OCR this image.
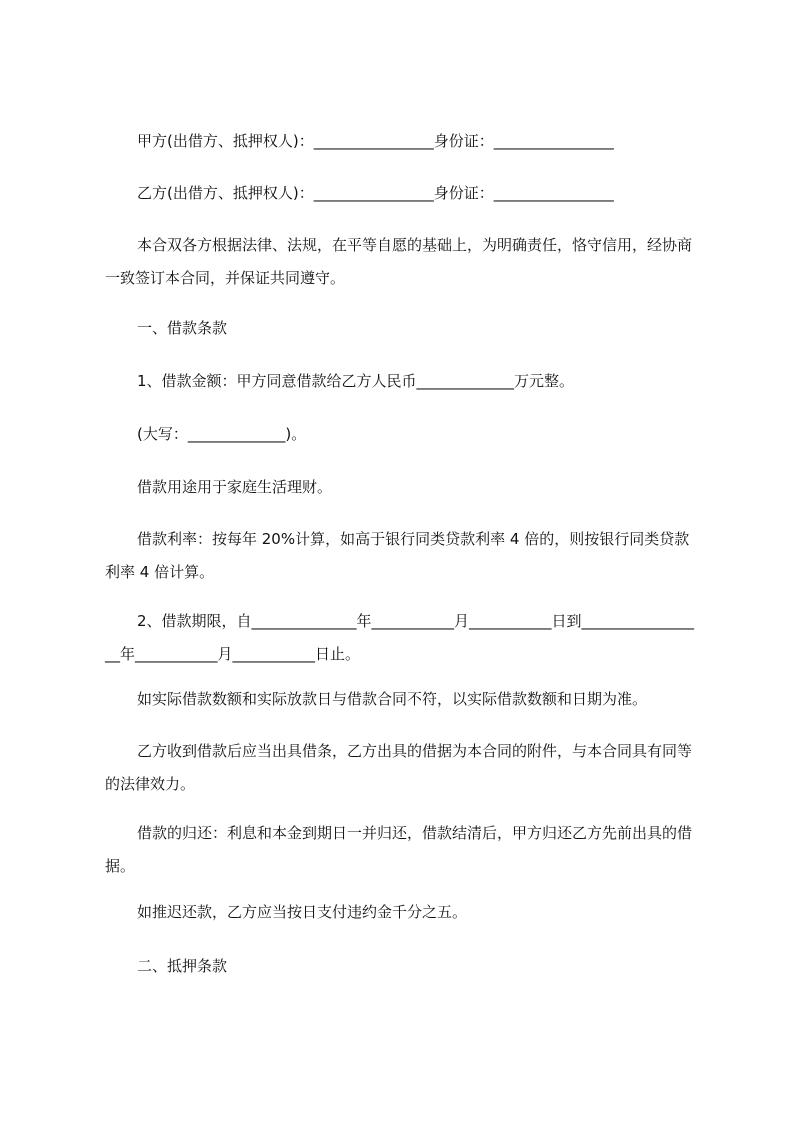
甲方(出借方、抵押权人)：________________身份证：________________

乙方(出借方、抵押权人)：________________身份证：________________

本合双各方根据法律、法规，在平等自愿的基础上，为明确责任，恪守信用，经协商一致签订本合同，并保证共同遵守。

一、借款条款

1、借款金额：甲方同意借款给乙方人民币_____________万元整。

(大写：_____________)。

借款用途用于家庭生活理财。

借款利率：按每年 20%计算，如高于银行同类贷款利率 4 倍的，则按银行同类贷款利率 4 倍计算。

2、借款期限，自______________年___________月___________日到_________________年___________月___________日止。

如实际借款数额和实际放款日与借款合同不符，以实际借款数额和日期为准。

乙方收到借款后应当出具借条，乙方出具的借据为本合同的附件，与本合同具有同等的法律效力。

借款的归还：利息和本金到期日一并归还，借款结清后，甲方归还乙方先前出具的借据。

如推迟还款，乙方应当按日支付违约金千分之五。

二、抵押条款
